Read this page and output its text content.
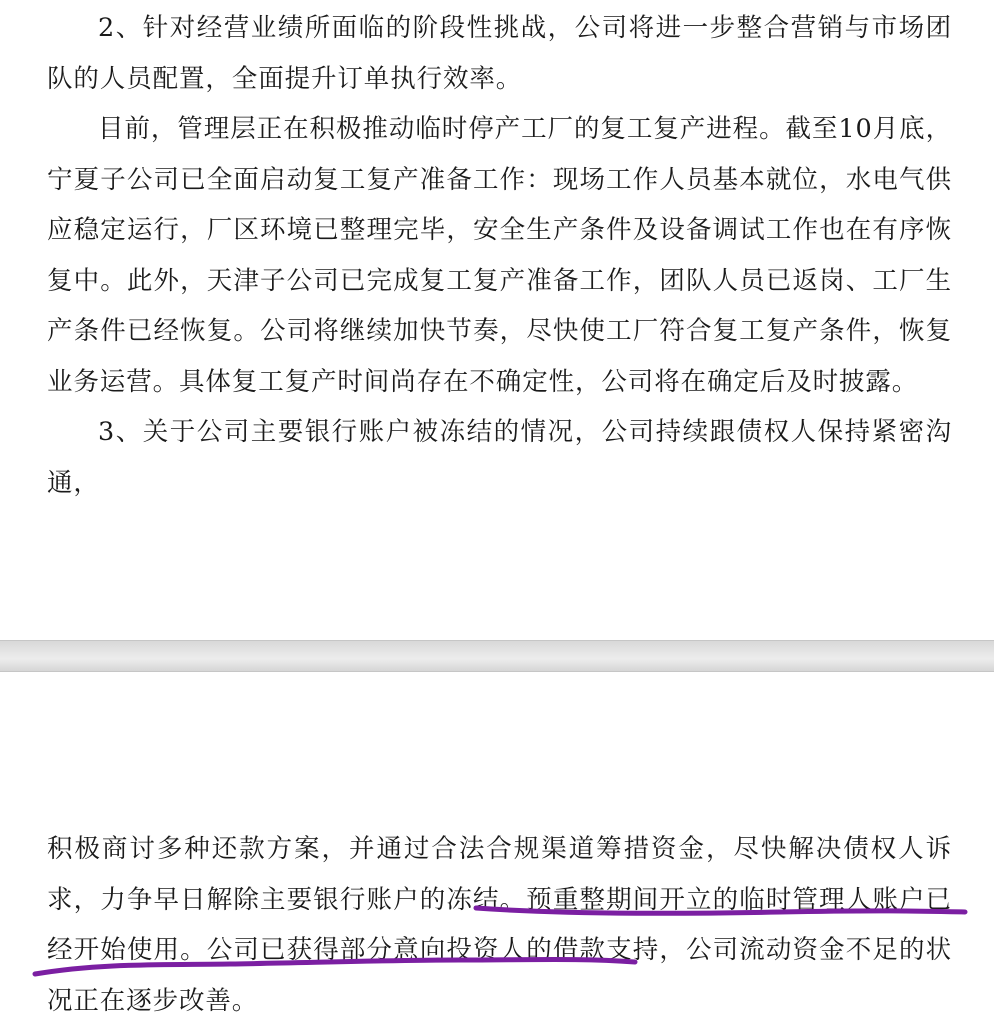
2、针对经营业绩所面临的阶段性挑战，公司将进一步整合营销与市场团队的人员配置，全面提升订单执行效率。

目前，管理层正在积极推动临时停产工厂的复工复产进程。截至10月底，宁夏子公司已全面启动复工复产准备工作：现场工作人员基本就位，水电气供应稳定运行，厂区环境已整理完毕，安全生产条件及设备调试工作也在有序恢复中。此外，天津子公司已完成复工复产准备工作，团队人员已返岗、工厂生产条件已经恢复。公司将继续加快节奏，尽快使工厂符合复工复产条件，恢复业务运营。具体复工复产时间尚存在不确定性，公司将在确定后及时披露。

3、关于公司主要银行账户被冻结的情况，公司持续跟债权人保持紧密沟通，

积极商讨多种还款方案，并通过合法合规渠道筹措资金，尽快解决债权人诉求，力争早日解除主要银行账户的冻结。预重整期间开立的临时管理人账户已经开始使用。公司已获得部分意向投资人的借款支持，公司流动资金不足的状况正在逐步改善。
